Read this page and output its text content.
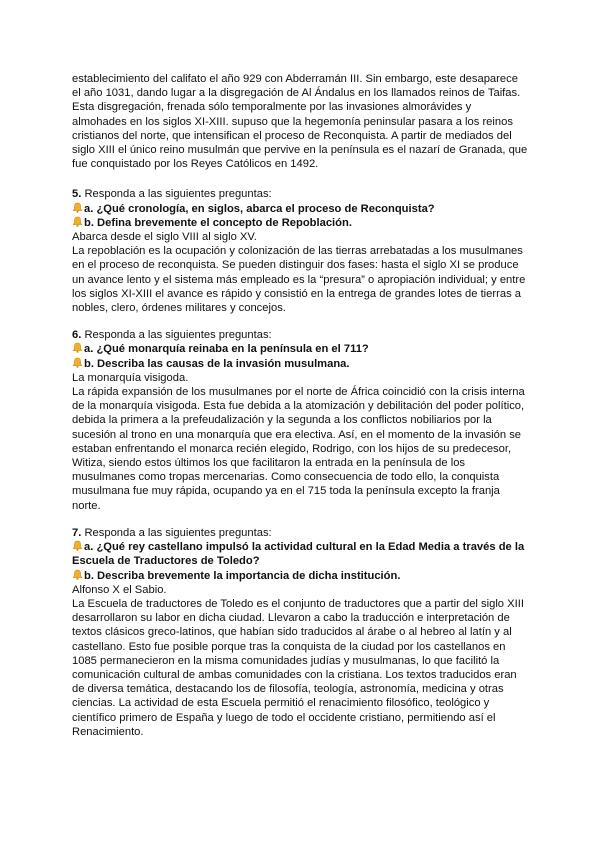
establecimiento del califato el año 929 con Abderramán III. Sin embargo, este desaparece el año 1031, dando lugar a la disgregación de Al Ándalus en los llamados reinos de Taifas. Esta disgregación, frenada sólo temporalmente por las invasiones almorávides y almohades en los siglos XI-XIII. supuso que la hegemonía peninsular pasara a los reinos cristianos del norte, que intensifican el proceso de Reconquista. A partir de mediados del siglo XIII el único reino musulmán que pervive en la península es el nazarí de Granada, que fue conquistado por los Reyes Católicos en 1492.

5. Responda a las siguientes preguntas:

a. ¿Qué cronología, en siglos, abarca el proceso de Reconquista?

b. Defina brevemente el concepto de Repoblación.

Abarca desde el siglo VIII al siglo XV.

La repoblación es la ocupación y colonización de las tierras arrebatadas a los musulmanes en el proceso de reconquista. Se pueden distinguir dos fases: hasta el siglo XI se produce un avance lento y el sistema más empleado es la “presura” o apropiación individual; y entre los siglos XI-XIII el avance es rápido y consistió en la entrega de grandes lotes de tierras a nobles, clero, órdenes militares y concejos.

6. Responda a las siguientes preguntas:

a. ¿Qué monarquía reinaba en la península en el 711?

b. Describa las causas de la invasión musulmana.

La monarquía visigoda.

La rápida expansión de los musulmanes por el norte de África coincidió con la crisis interna de la monarquía visigoda. Esta fue debida a la atomización y debilitación del poder político, debida la primera a la prefeudalización y la segunda a los conflictos nobiliarios por la sucesión al trono en una monarquía que era electiva. Así, en el momento de la invasión se estaban enfrentando el monarca recién elegido, Rodrigo, con los hijos de su predecesor, Witiza, siendo estos últimos los que facilitaron la entrada en la península de los musulmanes como tropas mercenarias. Como consecuencia de todo ello, la conquista musulmana fue muy rápida, ocupando ya en el 715 toda la península excepto la franja norte.

7. Responda a las siguientes preguntas:

a. ¿Qué rey castellano impulsó la actividad cultural en la Edad Media a través de la Escuela de Traductores de Toledo?

b. Describa brevemente la importancia de dicha institución.

Alfonso X el Sabio.

La Escuela de traductores de Toledo es el conjunto de traductores que a partir del siglo XIII desarrollaron su labor en dicha ciudad. Llevaron a cabo la traducción e interpretación de textos clásicos greco-latinos, que habían sido traducidos al árabe o al hebreo al latín y al castellano. Esto fue posible porque tras la conquista de la ciudad por los castellanos en 1085 permanecieron en la misma comunidades judías y musulmanas, lo que facilitó la comunicación cultural de ambas comunidades con la cristiana. Los textos traducidos eran de diversa temática, destacando los de filosofía, teología, astronomía, medicina y otras ciencias. La actividad de esta Escuela permitió el renacimiento filosófico, teológico y científico primero de España y luego de todo el occidente cristiano, permitiendo así el Renacimiento.
